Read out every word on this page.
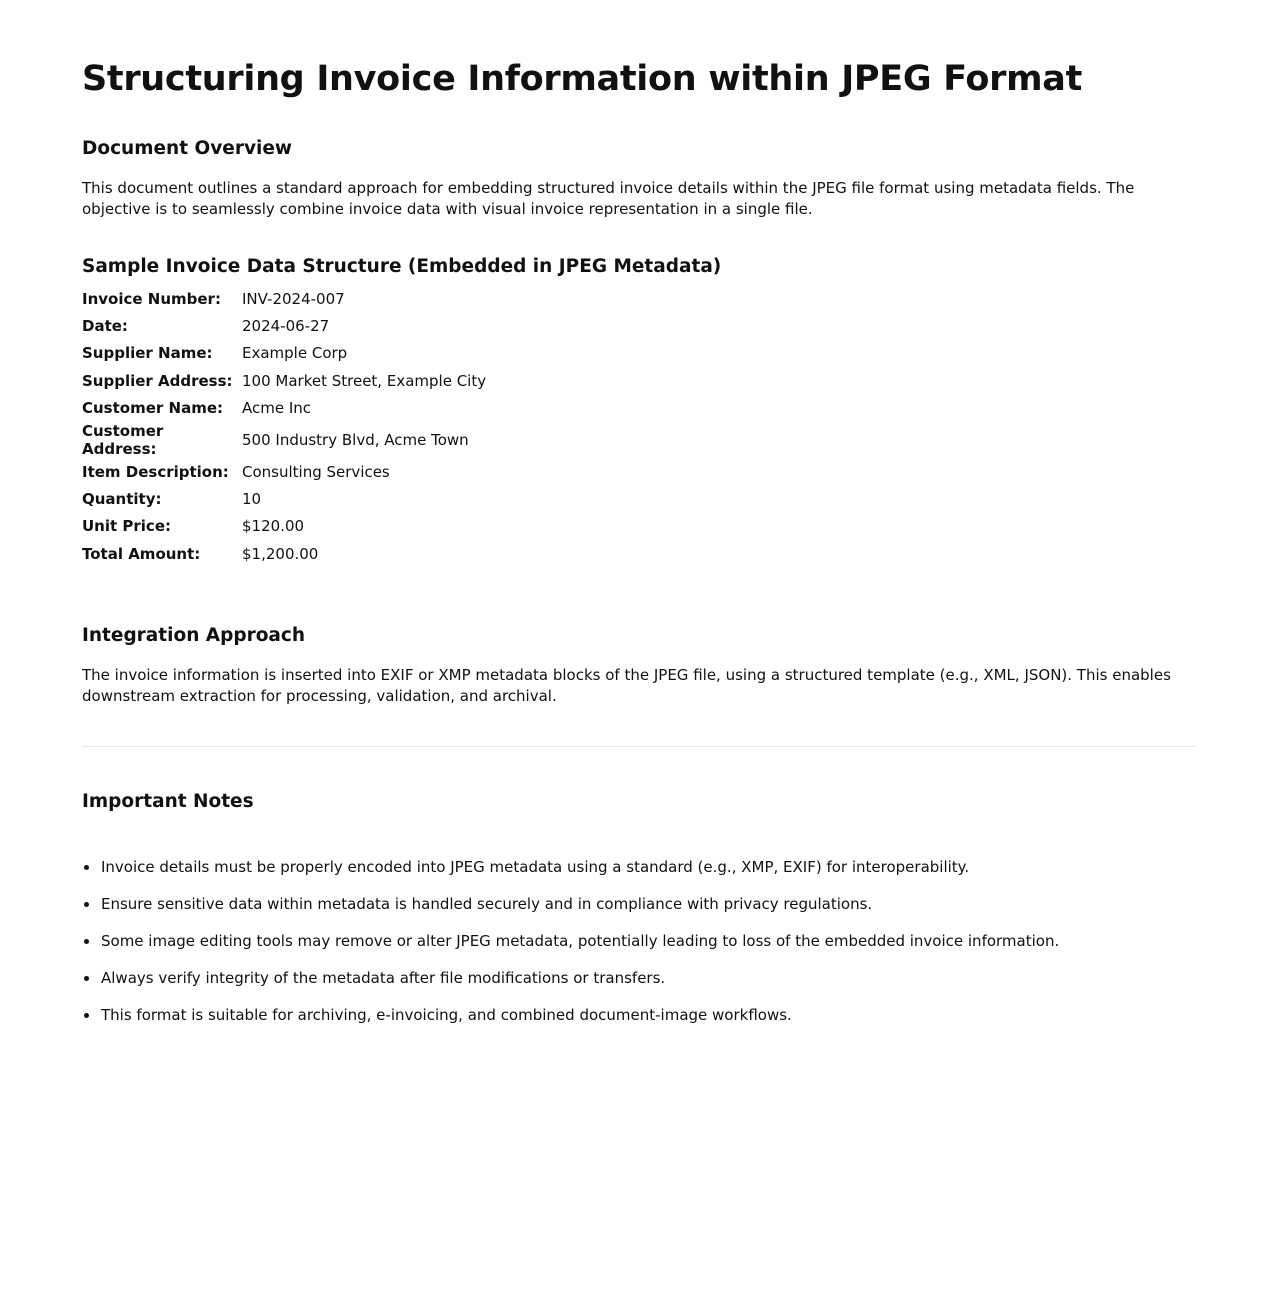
Structuring Invoice Information within JPEG Format
Document Overview

This document outlines a standard approach for embedding structured invoice details within the JPEG file format using metadata fields. The objective is to seamlessly combine invoice data with visual invoice representation in a single file.

Sample Invoice Data Structure (Embedded in JPEG Metadata)
Invoice Number:	INV-2024-007
Date:	2024-06-27
Supplier Name:	Example Corp
Supplier Address:	100 Market Street, Example City
Customer Name:	Acme Inc
Customer Address:	500 Industry Blvd, Acme Town
Item Description:	Consulting Services
Quantity:	10
Unit Price:	$120.00
Total Amount:	$1,200.00
Integration Approach

The invoice information is inserted into EXIF or XMP metadata blocks of the JPEG file, using a structured template (e.g., XML, JSON). This enables downstream extraction for processing, validation, and archival.

Important Notes
Invoice details must be properly encoded into JPEG metadata using a standard (e.g., XMP, EXIF) for interoperability.
Ensure sensitive data within metadata is handled securely and in compliance with privacy regulations.
Some image editing tools may remove or alter JPEG metadata, potentially leading to loss of the embedded invoice information.
Always verify integrity of the metadata after file modifications or transfers.
This format is suitable for archiving, e-invoicing, and combined document-image workflows.
